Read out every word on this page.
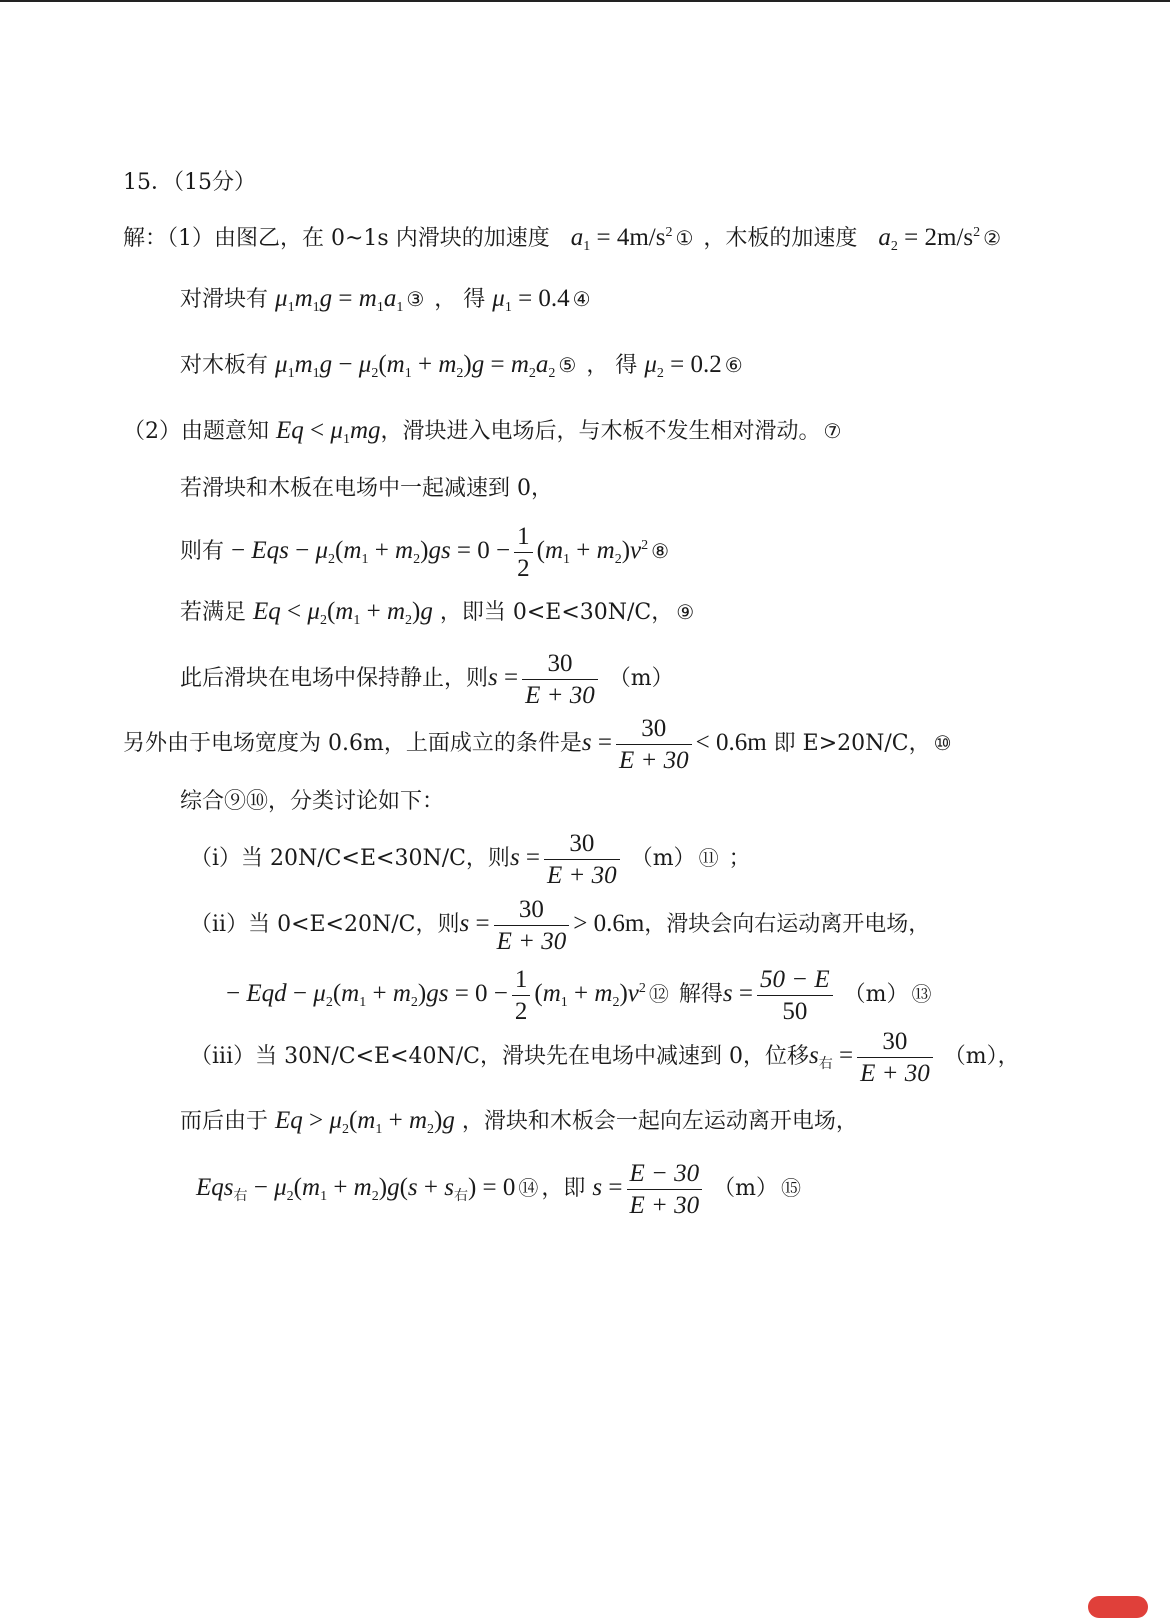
15．（15分）
解：（1）由图乙，在 0~1s 内滑块的加速度 $a_1 = 4m/s^2$ ① ，木板的加速度 $a_2 = 2m/s^2$ ②
对滑块有 $\mu_1m_1g = m_1a_1$ ③ ， 得 $\mu_1 = 0.4$ ④
对木板有 $\mu_1m_1g - \mu_2(m_1 + m_2)g = m_2a_2$ ⑤ ， 得 $\mu_2 = 0.2$ ⑥
（2）由题意知 $Eq < \mu_1mg$，滑块进入电场后，与木板不发生相对滑动。 ⑦
若滑块和木板在电场中一起减速到 0，
则有 − Eqs − $\mu_2(m_1 + m_2)gs = 0 - \frac{1}{2} (m_1 + m_2)v^2$ ⑧
若满足 $Eq < \mu_2(m_1 + m_2)g$ ，即当 0<E<30N/C， ⑨
此后滑块在电场中保持静止，则$s = \frac{30}{E + 30} (m)$
另外由于电场宽度为 0.6m，上面成立的条件是$s = \frac{30}{E + 30} < 0.6m$ 即 E>20N/C， ⑩
综合⑨⑩，分类讨论如下：
（i）当 20N/C<E<30N/C，则$s = \frac{30}{E + 30} (m)$ ⑪ ；
（ii）当 0<E<20N/C，则$s = \frac{30}{E + 30} > 0.6m$，滑块会向右运动离开电场，
− Eqd − $\mu_2(m_1 + m_2)gs = 0 - \frac{1}{2} (m_1 + m_2)v^2$ ⑫ 解得$s = \frac{50 - E}{50} (m)$ ⑬
（iii）当 30N/C<E<40N/C，滑块先在电场中减速到 0，位移$s_右 = \frac{30}{E + 30} (m)$，
而后由于 $Eq > \mu_2(m_1 + m_2)g$ ，滑块和木板会一起向左运动离开电场，
$Eqs_右 - \mu_2(m_1 + m_2)g(s + s_右) = 0$ ⑭ ，即 $s = \frac{E - 30}{E + 30} (m)$ ⑮
